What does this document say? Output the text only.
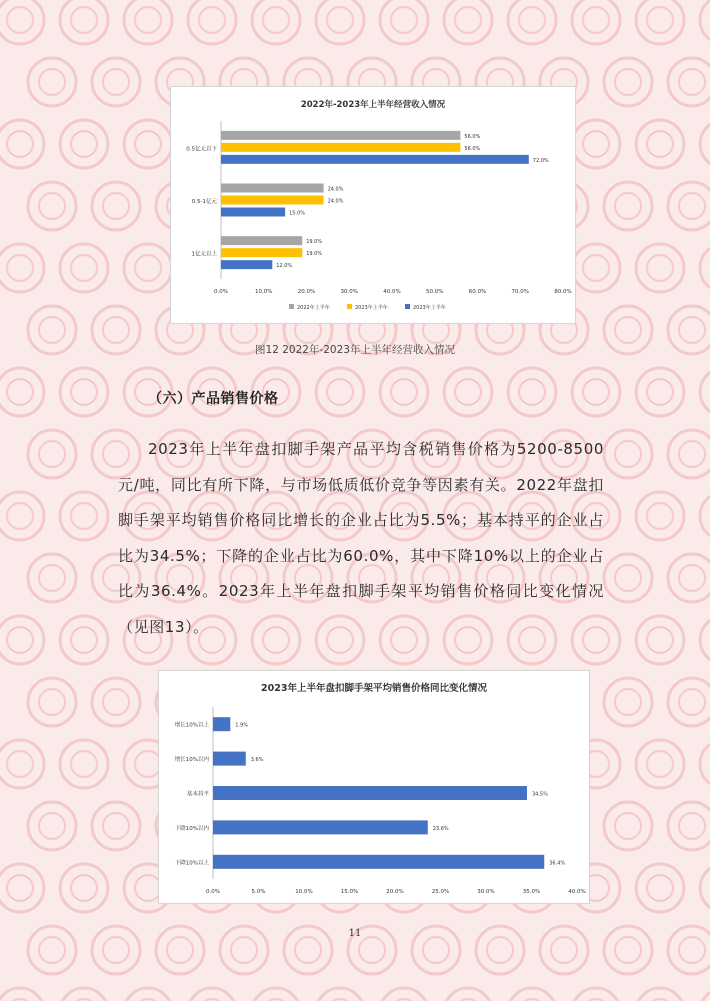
2022年-2023年上半年经营收入情况
0.5亿元以下
56.0%
56.0%
72.0%
0.5-1亿元
24.0%
24.0%
15.0%
1亿元以上
19.0%
19.0%
12.0%
0.0%	10.0%	20.0%	30.0%	40.0%	50.0%	60.0%	70.0%	80.0%
2022年上半年	2023年上半年	2023年上半年
图12 2022年-2023年上半年经营收入情况
（六）产品销售价格
2023年上半年盘扣脚手架产品平均含税销售价格为5200-8500元/吨，同比有所下降，与市场低质低价竞争等因素有关。2022年盘扣脚手架平均销售价格同比增长的企业占比为5.5%；基本持平的企业占比为34.5%；下降的企业占比为60.0%，其中下降10%以上的企业占比为36.4%。2023年上半年盘扣脚手架平均销售价格同比变化情况（见图13）。
2023年上半年盘扣脚手架平均销售价格同比变化情况
增长10%以上	1.9%
增长10%以内	3.6%
基本持平	34.5%
下降10%以内	23.6%
下降10%以上	36.4%
0.0%	5.0%	10.0%	15.0%	20.0%	25.0%	30.0%	35.0%	40.0%
11
